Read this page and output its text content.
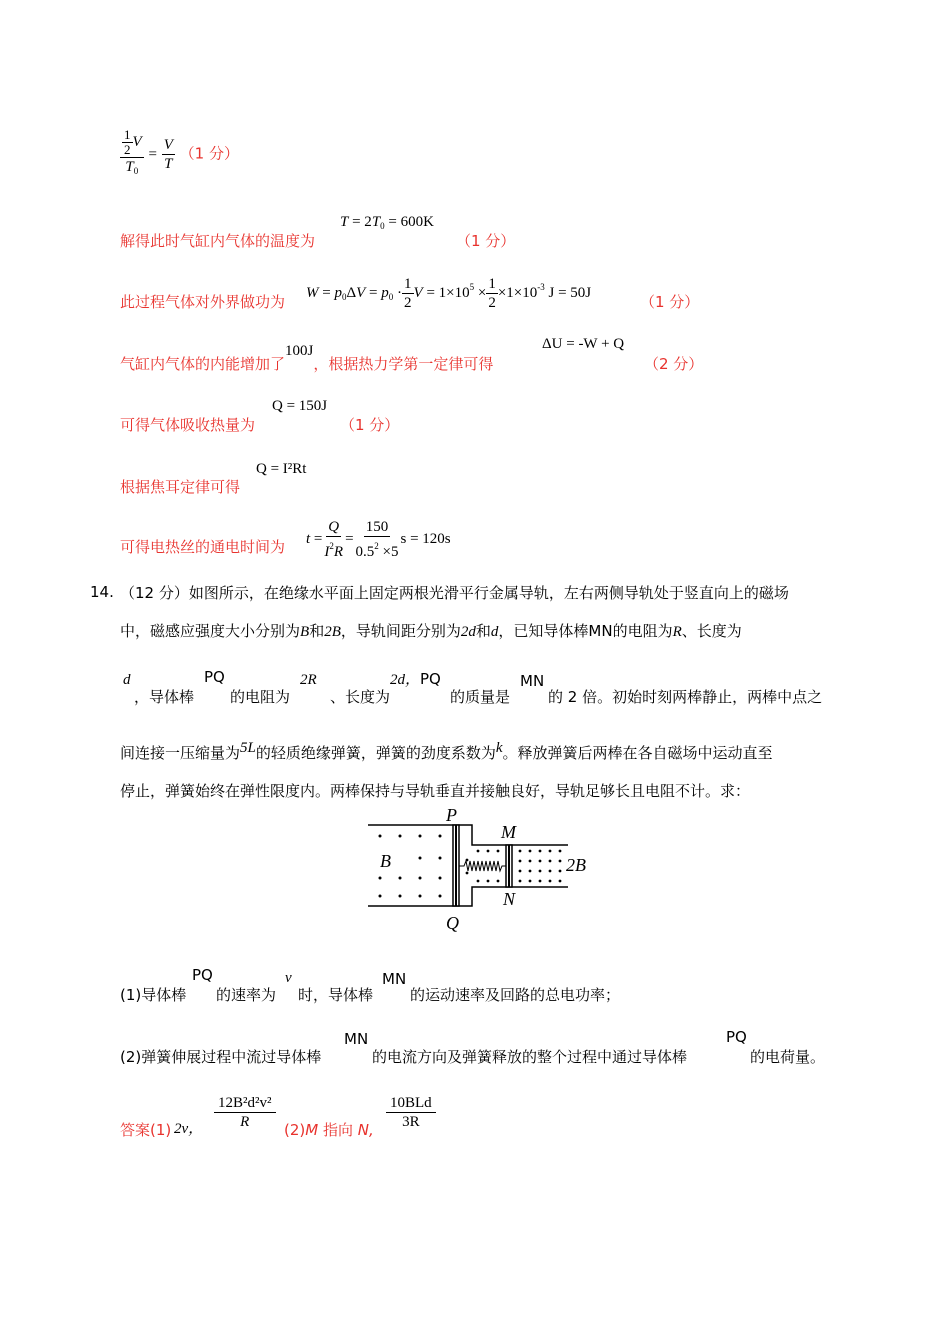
$\frac{\frac{1}{2} V}{T_0} = \frac{V}{T} (1$ 分）
解得此时气缸内气体的温度为
$T = 2T_0 = 600K$
（1 分）
此过程气体对外界做功为
$W = p_0\Delta V = p_0 \cdot \frac{1}{2}$ $V = 1\times 10^5 \times \frac{1}{2} \times 1\times 10^{-3}$ J = 50J
（1 分）
气缸内气体的内能增加了100J，根据热力学第一定律可得
ΔU = -W + Q
（2 分）
可得气体吸收热量为
Q = 150J
（1 分）
根据焦耳定律可得
Q = I²Rt
可得电热丝的通电时间为 $t = \frac{Q}{I^2R} = \frac{150}{0.5^2 \times 5}$ s = 120s
14. （12 分）如图所示，在绝缘水平面上固定两根光滑平行金属导轨，左右两侧导轨处于竖直向上的磁场
中，磁感应强度大小分别为B和2B，导轨间距分别为2d和d，已知导体棒MN的电阻为R、长度为
d
，导体棒
PQ
的电阻为
2R
、长度为
2d，PQ
的质量是
MN
的 2 倍。初始时刻两棒静止，两棒中点之
间连接一压缩量为5L的轻质绝缘弹簧，弹簧的劲度系数为k。释放弹簧后两棒在各自磁场中运动直至
停止，弹簧始终在弹性限度内。两棒保持与导轨垂直并接触良好，导轨足够长且电阻不计。求：
P
Q
M
N
B	2B
(1)导体棒
PQ
的速率为
v
时，导体棒
MN
的运动速率及回路的总电功率；
(2)弹簧伸展过程中流过导体棒
MN
的电流方向及弹簧释放的整个过程中通过导体棒
PQ
的电荷量。
答案(1) 2v， $\frac{\text{12B²d²v²}}{R} (2)M$ 指向 N, $\frac{\text{10BLd}}{3R}$
